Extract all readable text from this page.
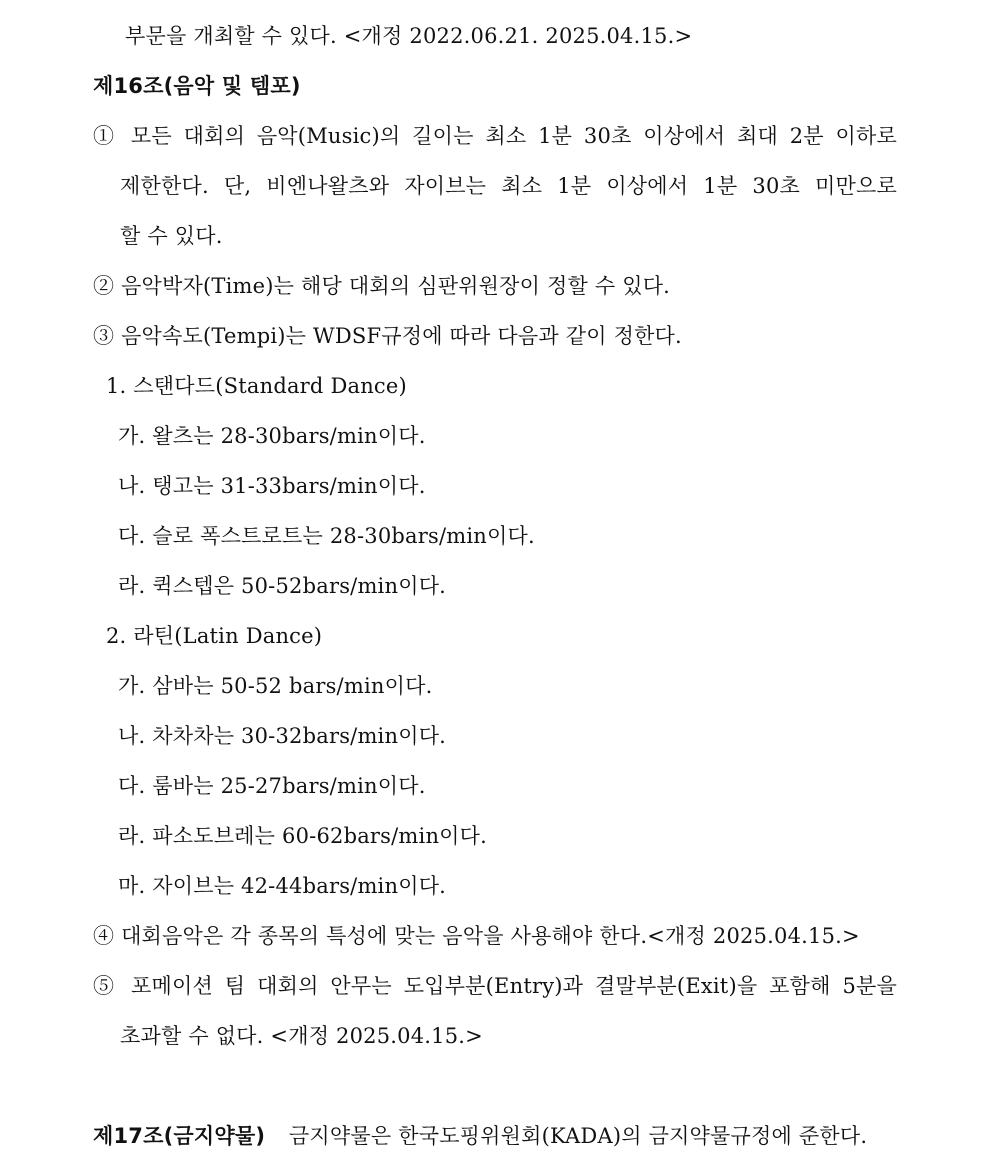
부문을 개최할 수 있다. <개정 2022.06.21. 2025.04.15.>
제16조(음악 및 템포)
① 모든 대회의 음악(Music)의 길이는 최소 1분 30초 이상에서 최대 2분 이하로
제한한다. 단, 비엔나왈츠와 자이브는 최소 1분 이상에서 1분 30초 미만으로
할 수 있다.
② 음악박자(Time)는 해당 대회의 심판위원장이 정할 수 있다.
③ 음악속도(Tempi)는 WDSF규정에 따라 다음과 같이 정한다.
1. 스탠다드(Standard Dance)
가. 왈츠는 28-30bars/min이다.
나. 탱고는 31-33bars/min이다.
다. 슬로 폭스트로트는 28-30bars/min이다.
라. 퀵스텝은 50-52bars/min이다.
2. 라틴(Latin Dance)
가. 삼바는 50-52 bars/min이다.
나. 차차차는 30-32bars/min이다.
다. 룸바는 25-27bars/min이다.
라. 파소도브레는 60-62bars/min이다.
마. 자이브는 42-44bars/min이다.
④ 대회음악은 각 종목의 특성에 맞는 음악을 사용해야 한다.<개정 2025.04.15.>
⑤ 포메이션 팀 대회의 안무는 도입부분(Entry)과 결말부분(Exit)을 포함해 5분을
초과할 수 없다. <개정 2025.04.15.>
제17조(금지약물) 금지약물은 한국도핑위원회(KADA)의 금지약물규정에 준한다.
